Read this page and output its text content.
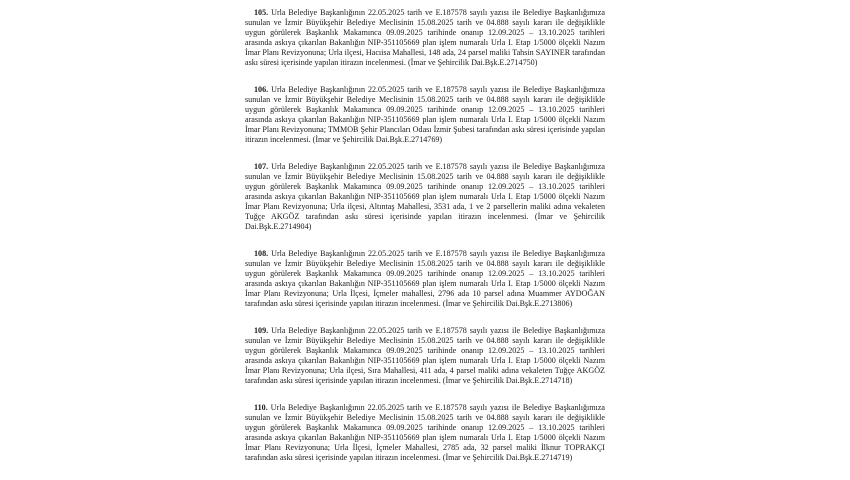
105. Urla Belediye Başkanlığının 22.05.2025 tarih ve E.187578 sayılı yazısı ile Belediye Başkanlığımıza sunulan ve İzmir Büyükşehir Belediye Meclisinin 15.08.2025 tarih ve 04.888 sayılı kararı ile değişiklikle uygun görülerek Başkanlık Makamınca 09.09.2025 tarihinde onanıp 12.09.2025 – 13.10.2025 tarihleri arasında askıya çıkarılan Bakanlığın NIP-351105669 plan işlem numaralı Urla I. Etap 1/5000 ölçekli Nazım İmar Planı Revizyonuna; Urla ilçesi, Hacıisa Mahallesi, 148 ada, 24 parsel maliki Tahsin SAYINER tarafından askı süresi içerisinde yapılan itirazın incelenmesi. (İmar ve Şehircilik Dai.Bşk.E.2714750)

106. Urla Belediye Başkanlığının 22.05.2025 tarih ve E.187578 sayılı yazısı ile Belediye Başkanlığımıza sunulan ve İzmir Büyükşehir Belediye Meclisinin 15.08.2025 tarih ve 04.888 sayılı kararı ile değişiklikle uygun görülerek Başkanlık Makamınca 09.09.2025 tarihinde onanıp 12.09.2025 – 13.10.2025 tarihleri arasında askıya çıkarılan Bakanlığın NIP-351105669 plan işlem numaralı Urla I. Etap 1/5000 ölçekli Nazım İmar Planı Revizyonuna; TMMOB Şehir Plancıları Odası İzmir Şubesi tarafından askı süresi içerisinde yapılan itirazın incelenmesi. (İmar ve Şehircilik Dai.Bşk.E.2714769)

107. Urla Belediye Başkanlığının 22.05.2025 tarih ve E.187578 sayılı yazısı ile Belediye Başkanlığımıza sunulan ve İzmir Büyükşehir Belediye Meclisinin 15.08.2025 tarih ve 04.888 sayılı kararı ile değişiklikle uygun görülerek Başkanlık Makamınca 09.09.2025 tarihinde onanıp 12.09.2025 – 13.10.2025 tarihleri arasında askıya çıkarılan Bakanlığın NIP-351105669 plan işlem numaralı Urla I. Etap 1/5000 ölçekli Nazım İmar Planı Revizyonuna; Urla ilçesi, Altıntaş Mahallesi, 3531 ada, 1 ve 2 parsellerin maliki adına vekaleten Tuğçe AKGÖZ tarafından askı süresi içerisinde yapılan itirazın incelenmesi. (İmar ve Şehircilik Dai.Bşk.E.2714904)

108. Urla Belediye Başkanlığının 22.05.2025 tarih ve E.187578 sayılı yazısı ile Belediye Başkanlığımıza sunulan ve İzmir Büyükşehir Belediye Meclisinin 15.08.2025 tarih ve 04.888 sayılı kararı ile değişiklikle uygun görülerek Başkanlık Makamınca 09.09.2025 tarihinde onanıp 12.09.2025 – 13.10.2025 tarihleri arasında askıya çıkarılan Bakanlığın NIP-351105669 plan işlem numaralı Urla I. Etap 1/5000 ölçekli Nazım İmar Planı Revizyonuna; Urla İlçesi, İçmeler mahallesi, 2796 ada 10 parsel adına Muammer AYDOĞAN tarafından askı süresi içerisinde yapılan itirazın incelenmesi. (İmar ve Şehircilik Dai.Bşk.E.2713806)

109. Urla Belediye Başkanlığının 22.05.2025 tarih ve E.187578 sayılı yazısı ile Belediye Başkanlığımıza sunulan ve İzmir Büyükşehir Belediye Meclisinin 15.08.2025 tarih ve 04.888 sayılı kararı ile değişiklikle uygun görülerek Başkanlık Makamınca 09.09.2025 tarihinde onanıp 12.09.2025 – 13.10.2025 tarihleri arasında askıya çıkarılan Bakanlığın NIP-351105669 plan işlem numaralı Urla I. Etap 1/5000 ölçekli Nazım İmar Planı Revizyonuna; Urla ilçesi, Sıra Mahallesi, 411 ada, 4 parsel maliki adına vekaleten Tuğçe AKGÖZ tarafından askı süresi içerisinde yapılan itirazın incelenmesi. (İmar ve Şehircilik Dai.Bşk.E.2714718)

110. Urla Belediye Başkanlığının 22.05.2025 tarih ve E.187578 sayılı yazısı ile Belediye Başkanlığımıza sunulan ve İzmir Büyükşehir Belediye Meclisinin 15.08.2025 tarih ve 04.888 sayılı kararı ile değişiklikle uygun görülerek Başkanlık Makamınca 09.09.2025 tarihinde onanıp 12.09.2025 – 13.10.2025 tarihleri arasında askıya çıkarılan Bakanlığın NIP-351105669 plan işlem numaralı Urla I. Etap 1/5000 ölçekli Nazım İmar Planı Revizyonuna; Urla İlçesi, İçmeler Mahallesi, 2785 ada, 32 parsel maliki İlknur TOPRAKÇI tarafından askı süresi içerisinde yapılan itirazın incelenmesi. (İmar ve Şehircilik Dai.Bşk.E.2714719)
